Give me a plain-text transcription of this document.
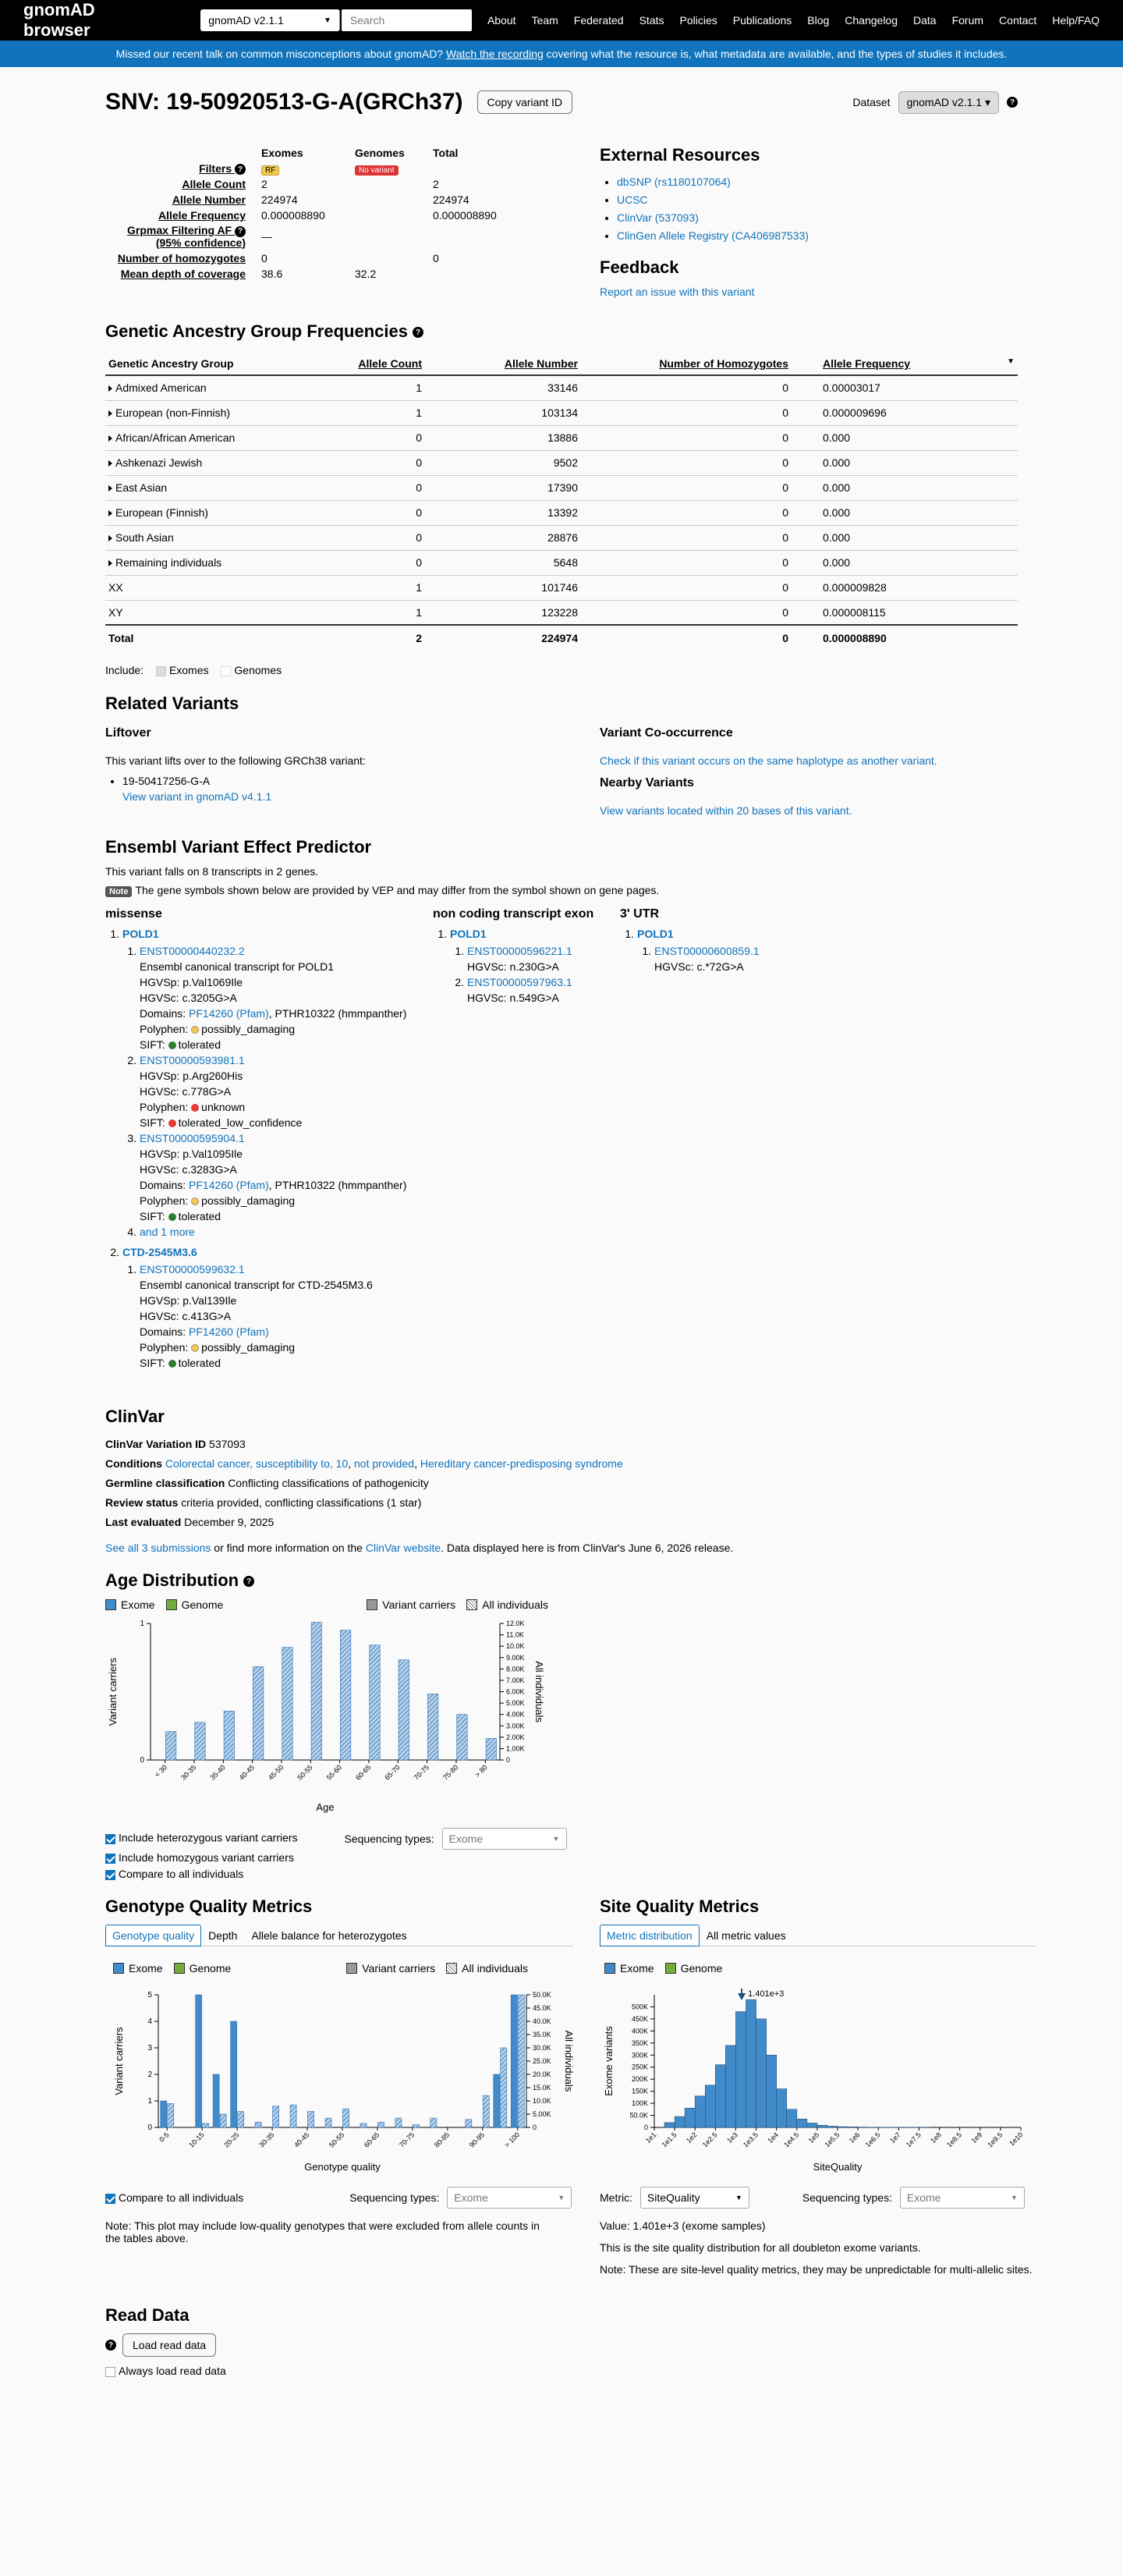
gnomAD browser	gnomAD v2.1.1	▼ Search	About Team Federated Stats Policies Publications Blog Changelog Data Forum Contact Help/FAQ
Missed our recent talk on common misconceptions about gnomAD?
Watch the recording
covering what the resource is, what metadata are available, and the types of studies it includes.
SNV: 19-50920513-G-A(GRCh37)	Copy variant ID	Dataset	gnomAD v2.1.1 ▾	?
	Exomes	Genomes	Total
Filters ?	RF	No variant	
Allele Count	2		2
Allele Number	224974		224974
Allele Frequency	0.000008890		0.000008890
Grpmax Filtering AF ?
(95% confidence)	—		
Number of homozygotes	0		0
Mean depth of coverage	38.6	32.2	
External Resources
• dbSNP (rs1180107064)
• UCSC
• ClinVar (537093)
• ClinGen Allele Registry (CA406987533)
Feedback
Report an issue with this variant
Genetic Ancestry Group Frequencies ?
Genetic Ancestry Group	Allele Count	Allele Number	Number of Homozygotes	Allele Frequency ▼

Admixed American	1	33146	0	0.00003017
European (non-Finnish)	1	103134	0	0.000009696
African/African American	0	13886	0	0.000
Ashkenazi Jewish	0	9502	0	0.000
East Asian	0	17390	0	0.000
European (Finnish)	0	13392	0	0.000
South Asian	0	28876	0	0.000
Remaining individuals	0	5648	0	0.000
XX	1	101746	0	0.000009828
XY	1	123228	0	0.000008115
Total	2	224974	0	0.000008890
Include: Exomes Genomes
Related Variants
Liftover

This variant lifts over to the following GRCh38 variant:

• 19-50417256-G-A
View variant in gnomAD v4.1.1
Variant Co-occurrence

Check if this variant occurs on the same haplotype as another variant.

Nearby Variants

View variants located within 20 bases of this variant.

Ensembl Variant Effect Predictor

This variant falls on 8 transcripts in 2 genes.

Note The gene symbols shown below are provided by VEP and may differ from the symbol shown on gene pages.

missense
1. POLD1
1. ENST00000440232.2
Ensembl canonical transcript for POLD1
HGVSp: p.Val1069Ile
HGVSc: c.3205G>A
Domains: PF14260 (Pfam), PTHR10322 (hmmpanther)
Polyphen: possibly_damaging
SIFT: tolerated
2. ENST00000593981.1
HGVSp: p.Arg260His
HGVSc: c.778G>A
Polyphen: unknown
SIFT: tolerated_low_confidence
3. ENST00000595904.1
HGVSp: p.Val1095Ile
HGVSc: c.3283G>A
Domains: PF14260 (Pfam), PTHR10322 (hmmpanther)
Polyphen: possibly_damaging
SIFT: tolerated
4. and 1 more
2. CTD-2545M3.6
1. ENST00000599632.1
Ensembl canonical transcript for CTD-2545M3.6
HGVSp: p.Val139Ile
HGVSc: c.413G>A
Domains: PF14260 (Pfam)
Polyphen: possibly_damaging
SIFT: tolerated
non coding transcript exon
1. POLD1
1. ENST00000596221.1
HGVSc: n.230G>A
2. ENST00000597963.1
HGVSc: n.549G>A
3' UTR
1. POLD1
1. ENST00000600859.1
HGVSc: c.*72G>A
ClinVar
ClinVar Variation ID 537093
Conditions Colorectal cancer, susceptibility to, 10, not provided, Hereditary cancer-predisposing syndrome
Germline classification Conflicting classifications of pathogenicity
Review status criteria provided, conflicting classifications (1 star)
Last evaluated December 9, 2025
See all 3 submissions or find more information on the ClinVar website. Data displayed here is from ClinVar's June 6, 2026 release.
Age Distribution ?
Exome Genome	Variant carriers All individuals
0
1
0
1.00K
2.00K
3.00K
4.00K
5.00K
6.00K
7.00K
8.00K
9.00K
10.0K
11.0K
12.0K
< 30 30-35 35-40 40-45 45-50 50-55 55-60 60-65 65-70 70-75 75-80 > 80
Age
Variant carriers	All individuals
Include heterozygous variant carriers	Sequencing types: Exome	▼
Include homozygous variant carriers
Compare to all individuals
Genotype Quality Metrics
Genotype quality	Depth	Allele balance for heterozygotes
Exome Genome	Variant carriers All individuals
0
1
2
3
4
5
0
5.00K
10.0K
15.0K
20.0K
25.0K
30.0K
35.0K
40.0K
45.0K
50.0K
0-5 10-15 20-25 30-35 40-45 50-55 60-65 70-75 80-85 90-95 > 100
Genotype quality
Variant carriers	All individuals
Compare to all individuals	Sequencing types: Exome	▼

Note: This plot may include low-quality genotypes that were excluded from allele counts in the tables above.

Site Quality Metrics
Metric distribution	All metric values
Exome Genome
0
50.0K
100K
150K
200K
250K
300K
350K
400K
450K
500K
1e1 1e1.5 1e2 1e2.5 1e3 1e3.5 1e4 1e4.5 1e5 1e5.5 1e6 1e6.5 1e7 1e7.5 1e8 1e8.5 1e9 1e9.5 1e10
1.401e+3
SiteQuality
Exome variants
Metric: SiteQuality	▼	Sequencing types: Exome	▼

Value: 1.401e+3 (exome samples)

This is the site quality distribution for all doubleton exome variants.

Note: These are site-level quality metrics, they may be unpredictable for multi-allelic sites.

Read Data
?	Load read data
Always load read data
